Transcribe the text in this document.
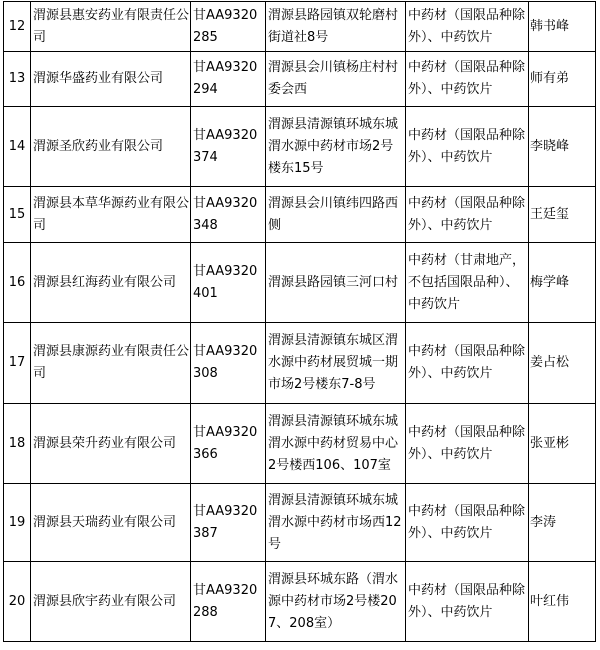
12	渭源县惠安药业有限责任公司	甘AA9320285	渭源县路园镇双轮磨村街道社8号	中药材（国限品种除外）、中药饮片	韩书峰
13	渭源华盛药业有限公司	甘AA9320294	渭源县会川镇杨庄村村委会西	中药材（国限品种除外）、中药饮片	师有弟
14	渭源圣欣药业有限公司	甘AA9320374	渭源县清源镇环城东城渭水源中药材市场2号楼东15号	中药材（国限品种除外）、中药饮片	李晓峰
15	渭源县本草华源药业有限公司	甘AA9320348	渭源县会川镇纬四路西侧	中药材（国限品种除外）、中药饮片	王廷玺
16	渭源县红海药业有限公司	甘AA9320401	渭源县路园镇三河口村	中药材（甘肃地产，不包括国限品种）、中药饮片	梅学峰
17	渭源县康源药业有限责任公司	甘AA9320308	渭源县清源镇东城区渭水源中药材展贸城一期市场2号楼东7-8号	中药材（国限品种除外）、中药饮片	姜占松
18	渭源县荣升药业有限公司	甘AA9320366	渭源县清源镇环城东城渭水源中药材贸易中心2号楼西106、107室	中药材（国限品种除外）、中药饮片	张亚彬
19	渭源县天瑞药业有限公司	甘AA9320387	渭源县清源镇环城东城渭水源中药材市场西12号	中药材（国限品种除外）、中药饮片	李涛
20	渭源县欣宇药业有限公司	甘AA9320288	渭源县环城东路（渭水源中药材市场2号楼207、208室）	中药材（国限品种除外）、中药饮片	叶红伟
